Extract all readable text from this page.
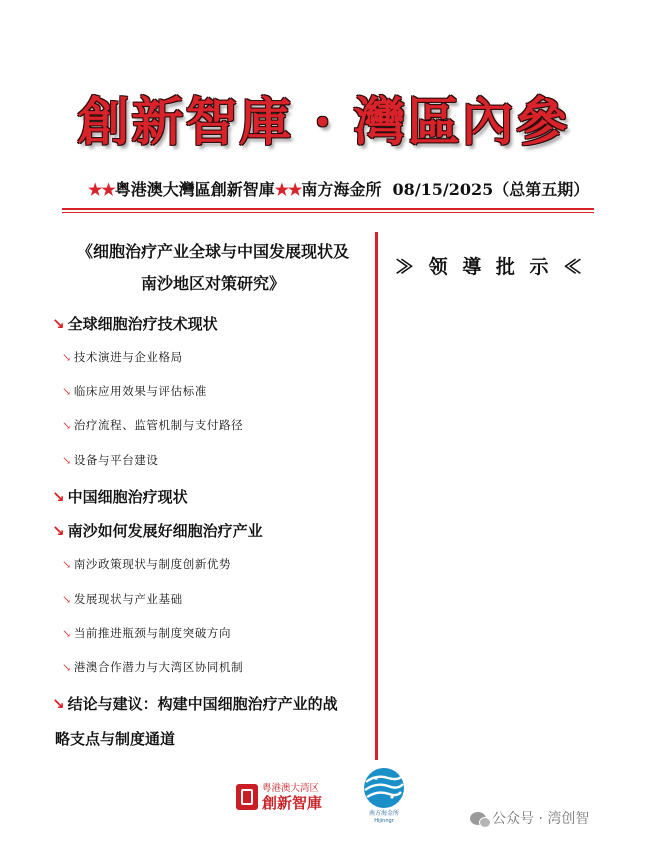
創新智庫 · 灣區內參
★★粤港澳大灣區創新智庫★★南方海金所 08/15/2025（总第五期）
《细胞治疗产业全球与中国发展现状及
南沙地区对策研究》
≫ 领 導 批 示 ≪
↘ 全球细胞治疗技术现状
↘ 技术演进与企业格局
↘ 临床应用效果与评估标准
↘ 治疗流程、监管机制与支付路径
↘ 设备与平台建设
↘ 中国细胞治疗现状
↘ 南沙如何发展好细胞治疗产业
↘ 南沙政策现状与制度创新优势
↘ 发展现状与产业基础
↘ 当前推进瓶颈与制度突破方向
↘ 港澳合作潜力与大湾区协同机制
↘ 结论与建议：构建中国细胞治疗产业的战
略支点与制度通道
粤港澳大湾区
創新智庫
南方海金所
Hijinngr	公众号 · 湾创智
